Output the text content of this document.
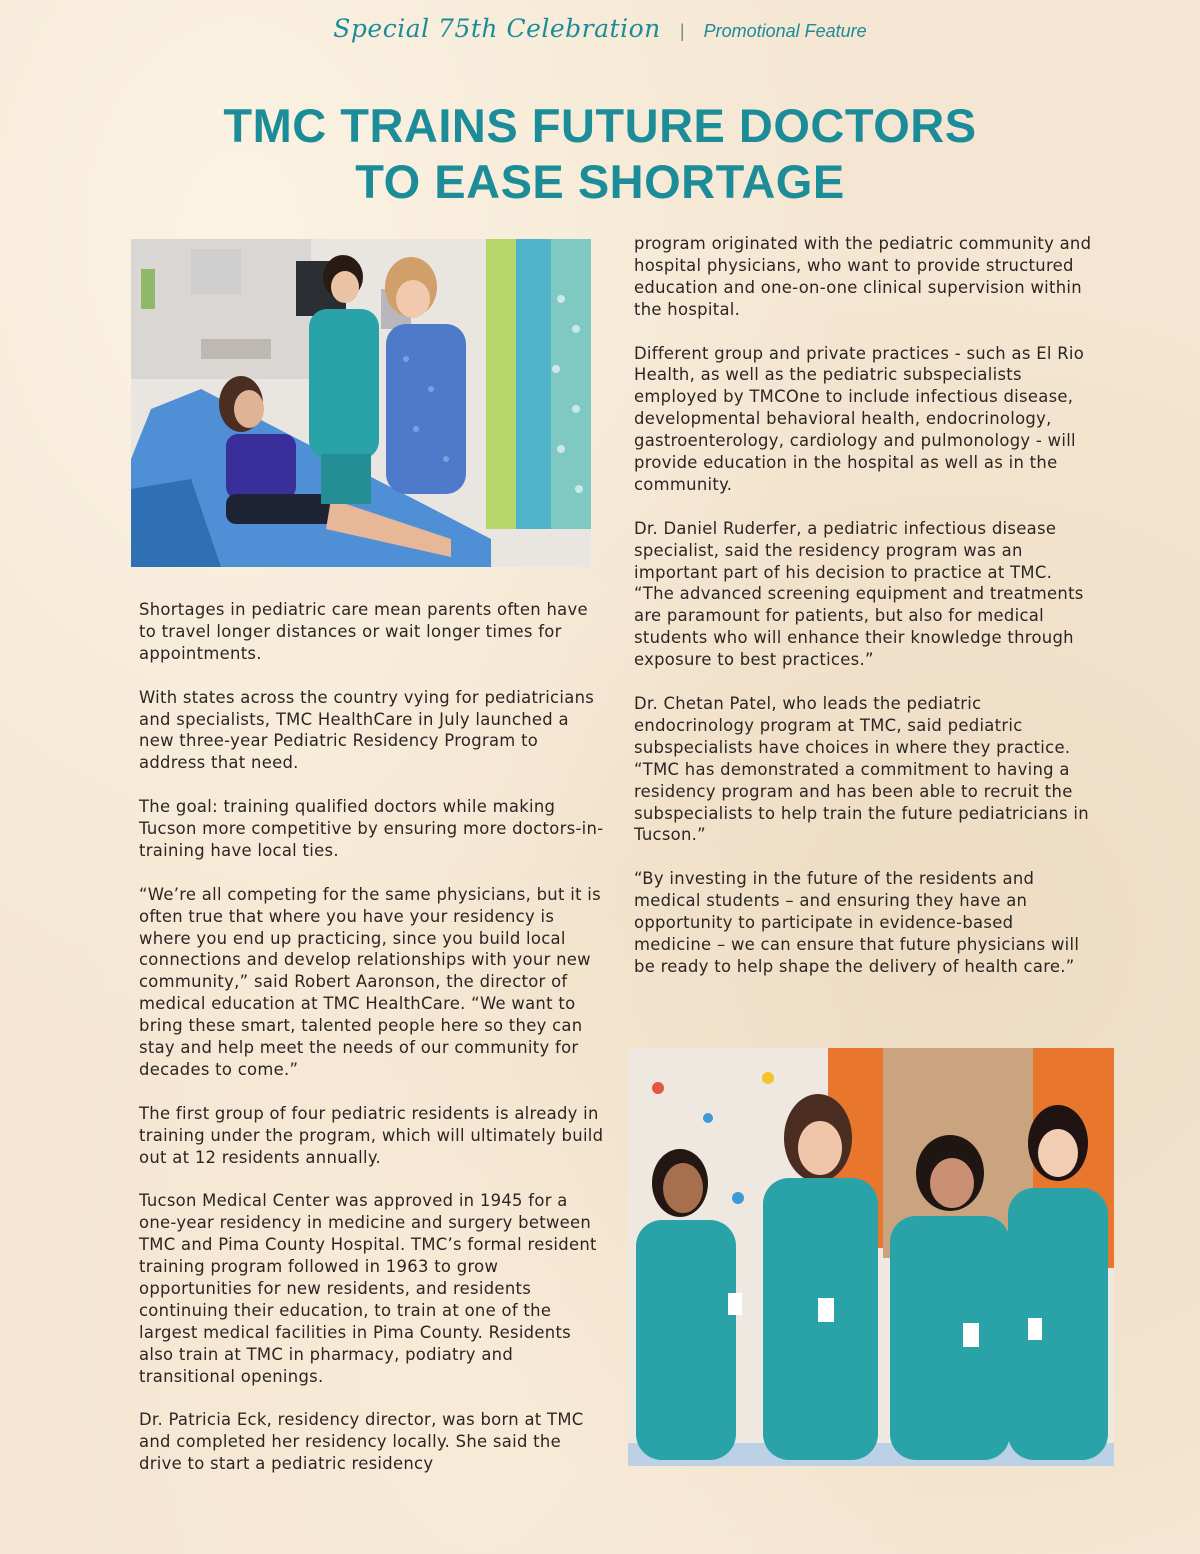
Special 75th Celebration | Promotional Feature
TMC TRAINS FUTURE DOCTORS
TO EASE SHORTAGE

Shortages in pediatric care mean parents often have to travel longer distances or wait longer times for appointments.

With states across the country vying for pediatricians and specialists, TMC HealthCare in July launched a new three-year Pediatric Residency Program to address that need.

The goal: training qualified doctors while making Tucson more competitive by ensuring more doctors-in-training have local ties.

“We’re all competing for the same physicians, but it is often true that where you have your residency is where you end up practicing, since you build local connections and develop relationships with your new community,” said Robert Aaronson, the director of medical education at TMC HealthCare. “We want to bring these smart, talented people here so they can stay and help meet the needs of our community for decades to come.”

The first group of four pediatric residents is already in training under the program, which will ultimately build out at 12 residents annually.

Tucson Medical Center was approved in 1945 for a one-year residency in medicine and surgery between TMC and Pima County Hospital. TMC’s formal resident training program followed in 1963 to grow opportunities for new residents, and residents continuing their education, to train at one of the largest medical facilities in Pima County. Residents also train at TMC in pharmacy, podiatry and transitional openings.

Dr. Patricia Eck, residency director, was born at TMC and completed her residency locally. She said the drive to start a pediatric residency

program originated with the pediatric community and hospital physicians, who want to provide structured education and one-on-one clinical supervision within the hospital.

Different group and private practices - such as El Rio Health, as well as the pediatric subspecialists employed by TMCOne to include infectious disease, developmental behavioral health, endocrinology, gastroenterology, cardiology and pulmonology - will provide education in the hospital as well as in the community.

Dr. Daniel Ruderfer, a pediatric infectious disease specialist, said the residency program was an important part of his decision to practice at TMC. “The advanced screening equipment and treatments are paramount for patients, but also for medical students who will enhance their knowledge through exposure to best practices.”

Dr. Chetan Patel, who leads the pediatric endocrinology program at TMC, said pediatric subspecialists have choices in where they practice. “TMC has demonstrated a commitment to having a residency program and has been able to recruit the subspecialists to help train the future pediatricians in Tucson.”

“By investing in the future of the residents and medical students – and ensuring they have an opportunity to participate in evidence-based medicine – we can ensure that future physicians will be ready to help shape the delivery of health care.”
